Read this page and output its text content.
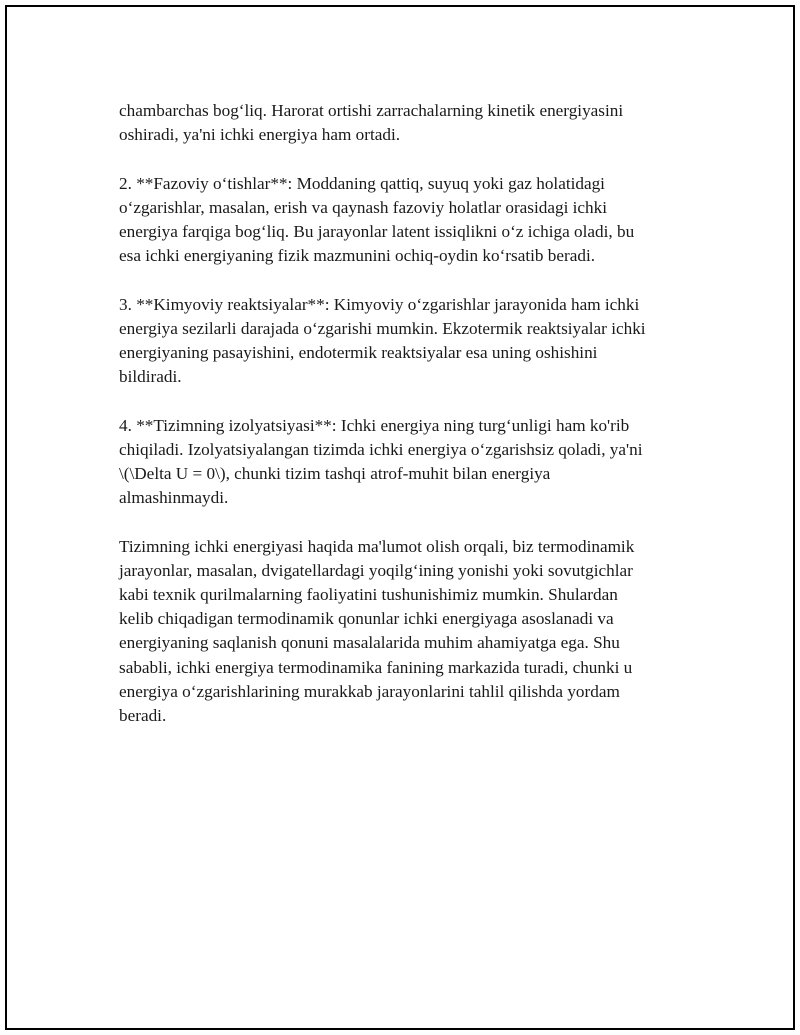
chambarchas bog‘liq. Harorat ortishi zarrachalarning kinetik energiyasini
oshiradi, ya'ni ichki energiya ham ortadi.

2. **Fazoviy o‘tishlar**: Moddaning qattiq, suyuq yoki gaz holatidagi
o‘zgarishlar, masalan, erish va qaynash fazoviy holatlar orasidagi ichki
energiya farqiga bog‘liq. Bu jarayonlar latent issiqlikni o‘z ichiga oladi, bu
esa ichki energiyaning fizik mazmunini ochiq-oydin ko‘rsatib beradi.

3. **Kimyoviy reaktsiyalar**: Kimyoviy o‘zgarishlar jarayonida ham ichki
energiya sezilarli darajada o‘zgarishi mumkin. Ekzotermik reaktsiyalar ichki
energiyaning pasayishini, endotermik reaktsiyalar esa uning oshishini
bildiradi.

4. **Tizimning izolyatsiyasi**: Ichki energiya ning turg‘unligi ham ko'rib
chiqiladi. Izolyatsiyalangan tizimda ichki energiya o‘zgarishsiz qoladi, ya'ni
\(\Delta U = 0\), chunki tizim tashqi atrof-muhit bilan energiya
almashinmaydi.

Tizimning ichki energiyasi haqida ma'lumot olish orqali, biz termodinamik
jarayonlar, masalan, dvigatellardagi yoqilg‘ining yonishi yoki sovutgichlar
kabi texnik qurilmalarning faoliyatini tushunishimiz mumkin. Shulardan
kelib chiqadigan termodinamik qonunlar ichki energiyaga asoslanadi va
energiyaning saqlanish qonuni masalalarida muhim ahamiyatga ega. Shu
sababli, ichki energiya termodinamika fanining markazida turadi, chunki u
energiya o‘zgarishlarining murakkab jarayonlarini tahlil qilishda yordam
beradi.
